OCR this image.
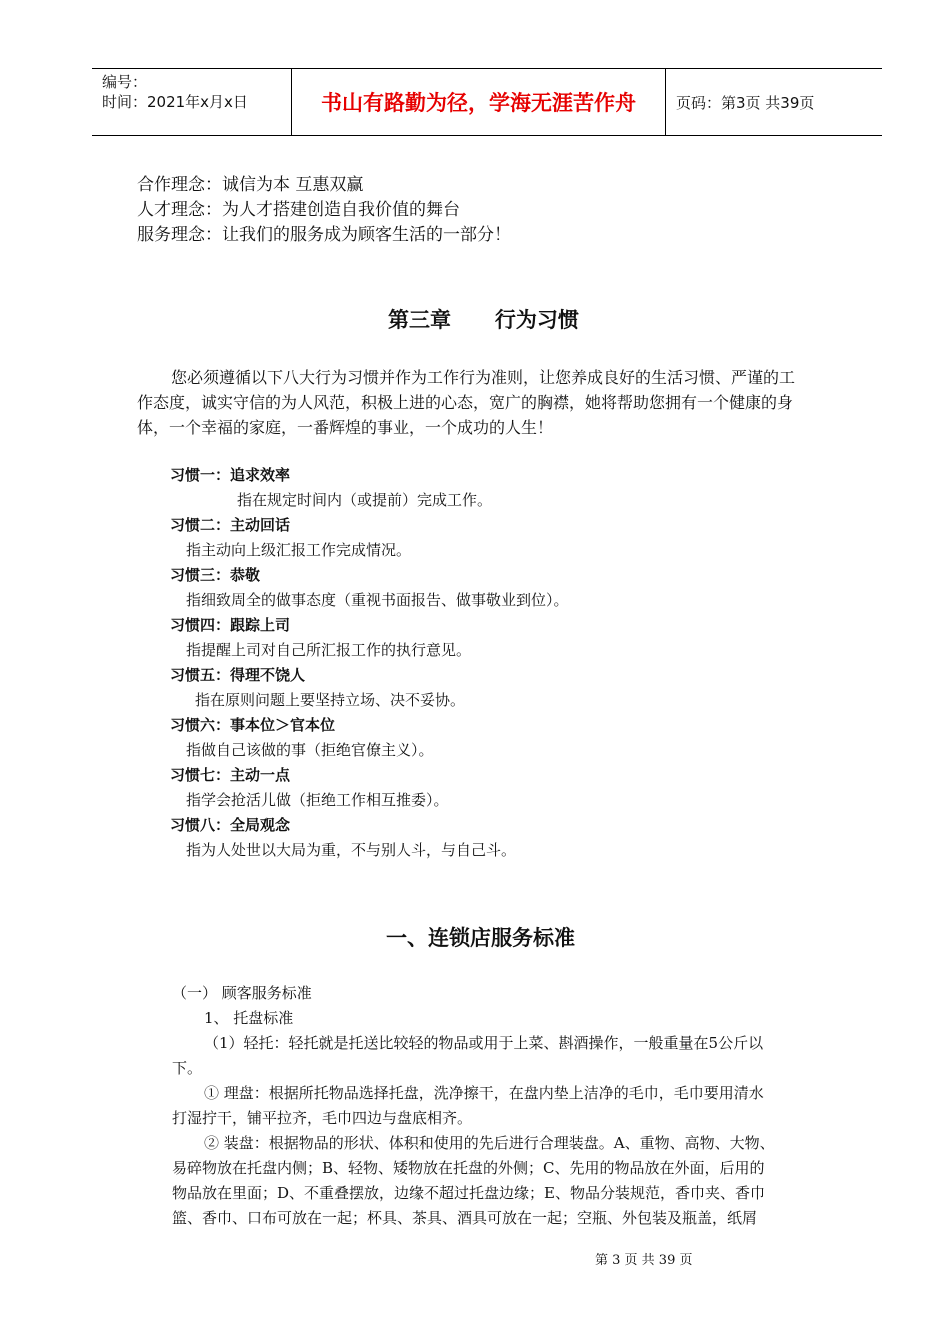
编号：
时间：2021年x月x日	书山有路勤为径，学海无涯苦作舟	页码：第3页 共39页
合作理念：诚信为本 互惠双赢
人才理念：为人才搭建创造自我价值的舞台
服务理念：让我们的服务成为顾客生活的一部分！
第三章      行为习惯
您必须遵循以下八大行为习惯并作为工作行为准则，让您养成良好的生活习惯、严谨的工
作态度，诚实守信的为人风范，积极上进的心态，宽广的胸襟，她将帮助您拥有一个健康的身
体，一个幸福的家庭，一番辉煌的事业，一个成功的人生！
习惯一：追求效率
指在规定时间内（或提前）完成工作。
习惯二：主动回话
指主动向上级汇报工作完成情况。
习惯三：恭敬
指细致周全的做事态度（重视书面报告、做事敬业到位）。
习惯四：跟踪上司
指提醒上司对自己所汇报工作的执行意见。
习惯五：得理不饶人
指在原则问题上要坚持立场、决不妥协。
习惯六：事本位＞官本位
指做自己该做的事（拒绝官僚主义）。
习惯七：主动一点
指学会抢活儿做（拒绝工作相互推委）。
习惯八：全局观念
指为人处世以大局为重，不与别人斗，与自己斗。
一、连锁店服务标准
（一） 顾客服务标准
1、 托盘标准
（1）轻托：轻托就是托送比较轻的物品或用于上菜、斟酒操作，一般重量在5公斤以
下。
① 理盘：根据所托物品选择托盘，洗净擦干，在盘内垫上洁净的毛巾，毛巾要用清水
打湿拧干，铺平拉齐，毛巾四边与盘底相齐。
② 装盘：根据物品的形状、体积和使用的先后进行合理装盘。A、重物、高物、大物、
易碎物放在托盘内侧；B、轻物、矮物放在托盘的外侧；C、先用的物品放在外面，后用的
物品放在里面；D、不重叠摆放，边缘不超过托盘边缘；E、物品分装规范，香巾夹、香巾
篮、香巾、口布可放在一起；杯具、茶具、酒具可放在一起；空瓶、外包装及瓶盖，纸屑
第 3 页 共 39 页
